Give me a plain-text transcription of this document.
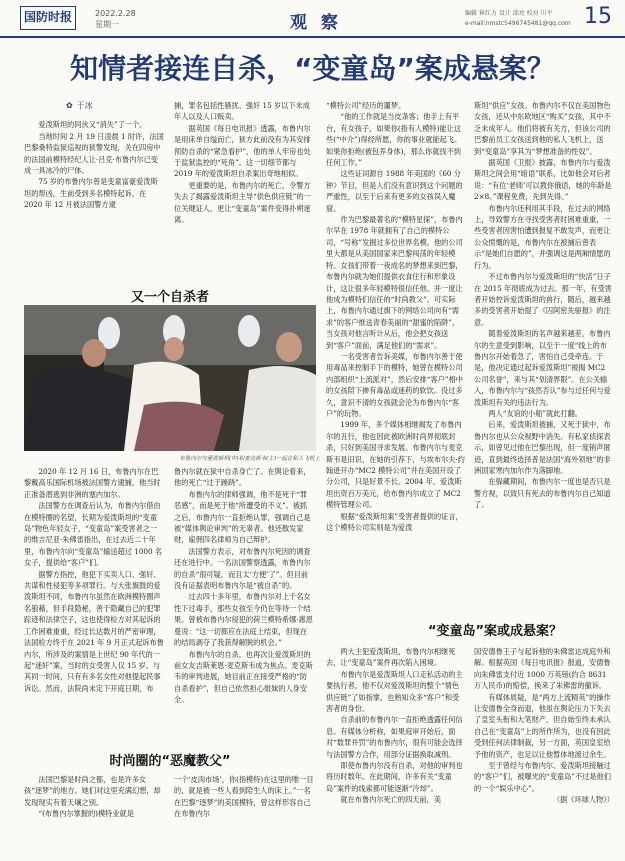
国防时报	2022.2.28
星期一	观 察	编辑 崔红力 设计 邱亮 校对 川平
e-mail:nmstc5496745481@qq.com 15
知情者接连自杀，“变童岛”案成悬案？
✿ 于冰

爱泼斯坦的同伙又“消失”了一个。

当地时间 2 月 19 日凌晨 1 时许，法国巴黎桑特监狱巡视的狱警发现，关在四房中的法国前模特经纪人让·吕克·布鲁内尔已变成一具冰冷的尸体。

75 岁的布鲁内尔曾是变童富豪爱泼斯坦的帮凶，生前受到多名模特起诉，在 2020 年 12 月被法国警方逮

捕，罪名包括性骚扰、强奸 15 岁以下未成年人以及人口贩卖。

据英国《每日电讯报》透露，布鲁内尔是用床单自缢而亡，狱方此前没有为其安排预防自杀的“紧急看护”，他的单人牢房也处于监狱监控的“死角”。这一切细节都与 2019 年的爱泼斯坦自杀案出奇地相似。

更重要的是，布鲁内尔的死亡，令警方失去了揭露爱泼斯坦主导“供色供应链”的一位关键证人，更让“变童岛”案件变得扑朔迷离。

又一个自杀者

“模特公司”经历的噩梦。

“他的工作就是当皮条客；他手上有平台，有女孩子，如果你(指有人模特)能让这些(“中介”)得经所愿，你的事业就能起飞。如果你拒绝(被包养身体)，那么你就找不到任何工作。”

这些证词源自 1988 年美国的《60 分钟》节目，但是人们没有意识到这个问题的严重性，以至于后来有更多的女孩误入魔窟。

作为巴黎最著名的“模特星探”，布鲁内尔早在 1978 年就拥有了自己的模特公司，“号称”发掘过多位世界名模。他的公司里大都是从美国国家来巴黎闯荡的年轻模特。女孩们带着一夜成名的梦想来到巴黎，布鲁内尔就为她们提供衣食住行和形象设计，这让很多年轻模特很信任他。并一度让他成为模特们信任的“时尚教父”。可实际上，布鲁内尔通过旗下的网络公司向有“需求”的客户推送青春美丽的“甜蜜的陷阱”，当女孩对他言听计从后，他会把女孩送到“客户”面前，满足他们的“需求”。

一名受害者告诉美媒，布鲁内尔善于使用毒品来控制手下的模特，她曾在模特公司内部组织“上流派对”，然后安排“客户”相中的女孩陪下掺有毒品或迷药的软饮。没过多久，意识不清的女孩就会沦为布鲁内尔“客户”的玩物。

1999 年，多个媒体相继揭发了布鲁内尔的丑行，他也因此被欧洲时尚界彻底封杀，只好到美国寻求发展。布鲁内尔与麦克斯韦是旧识，在她的引荐下，与埃布尔夫·约翰逊开办“MC2 模特公司”并在美国开设了分公司，只是好景不长。2004 年，爱泼斯坦出资百万美元，给布鲁内尔成立了 MC2 模特管理公司。

根据“爱泼斯坦案”受害者提供的证言，这个模特公司实则是为爱泼

斯坦“供应”女孩。布鲁内尔不仅在美国物色女孩，还从中东欧地区“购买”女孩，其中不乏未成年人。他们将被有关方，但该公司的巴黎前员工女孩送到他的私人飞机上，送到“变童岛”享其为“梦想准备的性奴”。

据英国《卫报》披露，布鲁内尔与爱泼斯坦之间会用“暗语”联系，比如他会对后者说：“有位‘老师’可以教你俄语，她的年龄是 2×8。”课程免费，先到先得。”

布鲁内尔还利用其手段，在过去的网络上，导致警方在寻找受害者时困难重重，一些受害者因害怕遭到报复不敢发声，而更让公众愤慨的是，布鲁内尔在被捕后曾表示“是她们自愿的”，并强调这是两厢情愿的行为。

不过布鲁内尔与爱泼斯坦的“快活”日子在 2015 年彻底成为过去。那一年，有受害者开始控诉爱泼斯坦的兽行，随后，越来越多的受害者开始提了《囚阿密先驱报》的注意。

随着爱泼斯坦的名声越来越差，布鲁内尔的生意受到影响，以至于一度“线上的布鲁内尔开始着急了，害怕自己受牵连。于是，他决定通过起诉爱泼斯坦”被揭 MC2 公司名誉”，来与其“划清界限”。在公关输入，布鲁内尔与“孩然否认”参与过任何与爱泼斯坦有关的违法行为。

两人“友谊的小船”就此打翻。

后来，爱泼斯坦被捕，又死于狱中，布鲁内尔也从公众视野中消失。有私家侦探表示，如曾见过他在巴黎出现，但一度销声匿迹，直到最终选择普是法国“海外领地”的非洲国家寒内加尔作为落脚地。

在躲藏期间，布鲁内尔一度也是否只是警方视，以致只有死去的布鲁内尔自己知道了。

布鲁内尔与爱泼斯坦(中)和麦克斯韦(左)一起在私人飞机上

2020 年 12 月 16 日，布鲁内尔在巴黎戴高乐国际机场被法国警方逮捕，他当时正准备潜逃到非洲的塞内加尔。

法国警方在调查后认为，布鲁内尔借由在模特圈的名望，长期为爱泼斯坦的“变童岛”物色年轻女子，“变童岛”案受害者之一的维吉尼亚·朱佛雷指出，在过去近二十年里，布鲁内尔向“变童岛”输送超过 1000 名女子，提供给“客户”们。

据警方指控，他犯下买卖人口、强奸、共谋和性侵犯等多项罪行。与大张旗鼓的爱泼斯坦不同，布鲁内尔虽然在欧洲模特圈声名狼藉，但手段隐秘，善于隐藏自己的犯罪踪迹和法律空子，这也使得检方对其起诉的工作困难重重，经过长达数月的严密审理，法国检方终于在 2021 年 9 月正式起诉布鲁内尔，所涉及的案情是上世纪 90 年代的一起“迷奸”案，当时的女受害人仅 15 岁。与其同一时间，只有有多名女性对他提起民事诉讼。然而，法院尚未定下开庭日期，布

鲁内尔就在狱中自杀身亡了。在舆论看来，他的死亡“过于蹊跷”。

布鲁内尔的律师强调，他不是死于“罪恶感”，而是死于他“所遭受的不义”。被抓之后，布鲁内尔一直拒绝认罪，强调自己是被“媒体舆论审判”的无辜者。他还散发家财，雇佣四名律师为自己辩护。

法国警方表示，对布鲁内尔死因的调查还在进行中。一名法国警察透露，布鲁内尔的自杀“很可疑，而且太‘方便’了”。但目前没有证据表明布鲁内尔是“被自杀”的。

过去四十多年里，布鲁内尔对上千名女性下过毒手，那些女孩至今仍在等待一个结果。曾被布鲁内尔侵犯的荷兰模特希娜·惠恩曼说：“这一切都应在法庭上结束，但现在的结局剥夺了我获得解脱的机会。”

布鲁内尔的自杀，也再次让爱泼斯坦的前女友吉斯莱恩·麦克斯韦成为焦点。麦克斯韦的审判进展，她目前正在接受严格的“防自杀看护”，但自己依然担心姐妹的人身安全。

时尚圈的“恶魔教父”

法国巴黎是时尚之都，也是许多女孩“逐梦”的地方。她们对这里充满幻想，却发现现实有着天壤之别。

“(布鲁内尔掌握的)模特业就是

一个‘皮肉市场’，你(指模特)在这里的唯一目的，就是被一些人看到陪生人的床上。”一名在巴黎“逐梦”的美国模特，曾这样形容自己在布鲁内尔

“变童岛”案或成悬案？

两大主犯爱泼斯坦、布鲁内尔相继死去，让“变童岛”案件再次陷入困境。

布鲁内尔是爱泼斯坦人口走私活动的主要执行者，他不仅对爱泼斯坦的整个“情色供应链”了如指掌，也熟知众多“客户”和受害者的身份。

自杀前的布鲁内尔一直拒绝透露任何信息。有媒体分析称，如果庭审开始后，面对“数罪并罚”的布鲁内尔，很有可能会选择与法国警方合作，用部分证据换取减刑。

即使布鲁内尔没有自杀，对他的审判也将历时数年。在此期间，许多有关“变童岛”案件的线索都可能逐渐“冷却”。

就在布鲁内尔死亡的四天前，美

国安德鲁王子与起诉他的朱佛雷达成庭外和解。根据英国《每日电讯报》报道，安德鲁向朱佛雷支付近 1000 万英镑(约合 8631 万人民币)的赔偿，换来了朱佛雷的撤诉。

有媒体质疑，是“两方上流精英”的操作让安德鲁全身而退，他虽在舆论压力下失去了皇室头衔和大笔财产，但自始至终未承认自己在“变童岛”上的所作所为，也没有因此受到任何法律制裁，另一方面，英国皇室给予他的资产，也足以让他暂体地渡过余生。

至于曾经与布鲁内尔、爱泼斯坦接触过的“客户”们，被曝光的“变童岛”不过是他们的一个“娱乐中心”。

（据《环球人物》）
